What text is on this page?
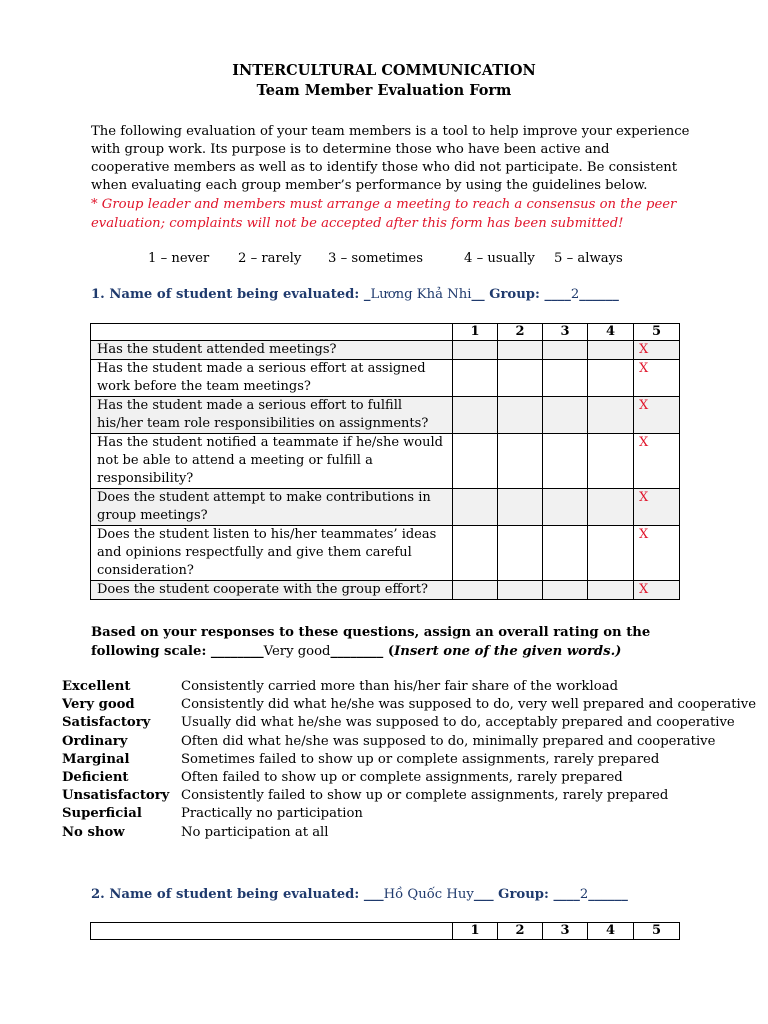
INTERCULTURAL COMMUNICATION
Team Member Evaluation Form
The following evaluation of your team members is a tool to help improve your experience with group work. Its purpose is to determine those who have been active and cooperative members as well as to identify those who did not participate. Be consistent when evaluating each group member’s performance by using the guidelines below.
* Group leader and members must arrange a meeting to reach a consensus on the peer evaluation; complaints will not be accepted after this form has been submitted!
1 – never 2 – rarely 3 – sometimes	4 – usually 5 – always
1. Name of student being evaluated: _Lương Khả Nhi__ Group: ____2______
	1	2	3	4	5
Has the student attended meetings?					X
Has the student made a serious effort at assigned work before the team meetings?					X
Has the student made a serious effort to fulfill his/her team role responsibilities on assignments?					X
Has the student notified a teammate if he/she would not be able to attend a meeting or fulfill a responsibility?					X
Does the student attempt to make contributions in group meetings?					X
Does the student listen to his/her teammates’ ideas and opinions respectfully and give them careful consideration?					X
Does the student cooperate with the group effort?					X
Based on your responses to these questions, assign an overall rating on the following scale: ________Very good________ (Insert one of the given words.)
Excellent	Consistently carried more than his/her fair share of the workload
Very good	Consistently did what he/she was supposed to do, very well prepared and cooperative
Satisfactory Usually did what he/she was supposed to do, acceptably prepared and cooperative
Ordinary	Often did what he/she was supposed to do, minimally prepared and cooperative
Marginal	Sometimes failed to show up or complete assignments, rarely prepared
Deficient	Often failed to show up or complete assignments, rarely prepared
Unsatisfactory Consistently failed to show up or complete assignments, rarely prepared
Superficial	Practically no participation
No show	No participation at all
2. Name of student being evaluated: ___Hồ Quốc Huy___ Group: ____2______
	1	2	3	4	5
